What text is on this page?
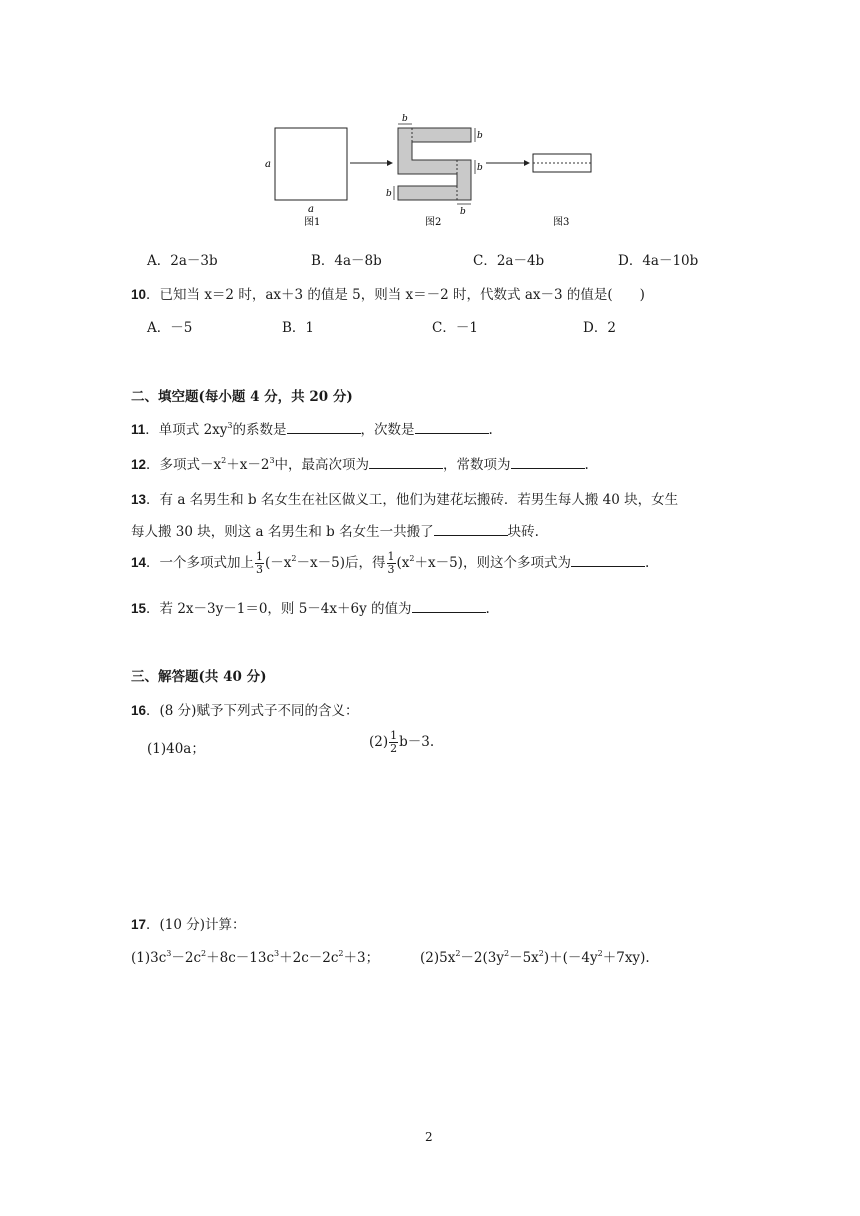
a
a
b
b
b
b
b
图1	图2	图3
A．2a－3b	B．4a－8b	C．2a－4b	D．4a－10b
10．已知当 x＝2 时，ax＋3 的值是 5，则当 x＝－2 时，代数式 ax－3 的值是(　　)
A．－5	B．1	C．－1	D．2
二、填空题(每小题 4 分，共 20 分)
11．单项式 $2xy^3$的系数是	，次数是	.
12．多项式$-x^2+x-2^3$中，最高次项为	，常数项为	.
13．有 a 名男生和 b 名女生在社区做义工，他们为建花坛搬砖．若男生每人搬 40 块，女生
每人搬 30 块，则这 a 名男生和 b 名女生一共搬了	块砖.
14．一个多项式加上 $\frac{1}{3} (-x^2-x-5)$后，得 $\frac{1}{3} (x^2+x-5)$，则这个多项式为	.
15．若 2x－3y－1＝0，则 5－4x＋6y 的值为	.
三、解答题(共 40 分)
16．(8 分)赋予下列式子不同的含义：
(1)40a；	$(2) \frac{1}{2} b-3$.
17．(10 分)计算：
$(1)3c^3-2c^2+8c-13c^3+2c-2c^2+3$；	$(2)5x^2-2(3y^2-5x^2)+(-4y^2+7xy)$.
2
